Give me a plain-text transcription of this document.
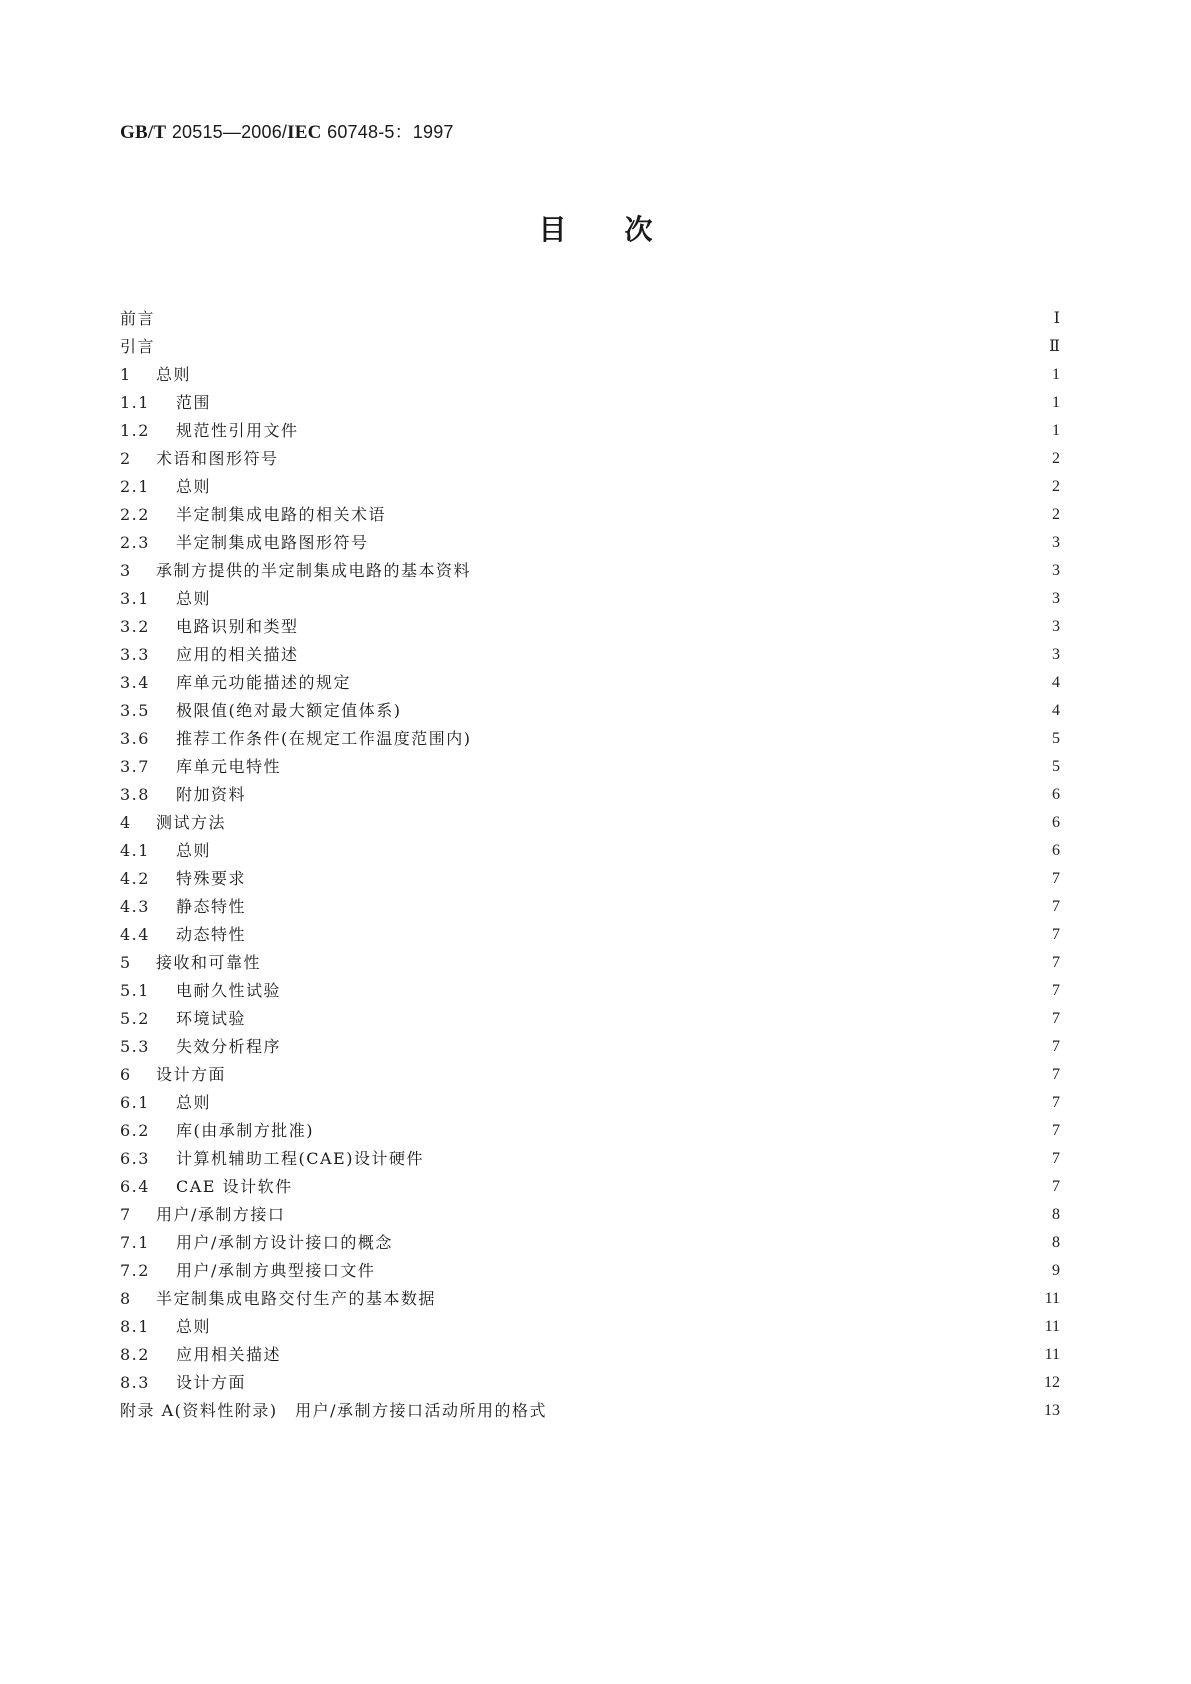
GB/T 20515—2006/IEC 60748-5：1997
目次
前言	Ⅰ
引言	Ⅱ
1	总则	1
1.1	范围	1
1.2	规范性引用文件	1
2	术语和图形符号	2
2.1	总则	2
2.2	半定制集成电路的相关术语	2
2.3	半定制集成电路图形符号	3
3	承制方提供的半定制集成电路的基本资料	3
3.1	总则	3
3.2	电路识别和类型	3
3.3	应用的相关描述	3
3.4	库单元功能描述的规定	4
3.5	极限值(绝对最大额定值体系)	4
3.6	推荐工作条件(在规定工作温度范围内)	5
3.7	库单元电特性	5
3.8	附加资料	6
4	测试方法	6
4.1	总则	6
4.2	特殊要求	7
4.3	静态特性	7
4.4	动态特性	7
5	接收和可靠性	7
5.1	电耐久性试验	7
5.2	环境试验	7
5.3	失效分析程序	7
6	设计方面	7
6.1	总则	7
6.2	库(由承制方批准)	7
6.3	计算机辅助工程(CAE)设计硬件	7
6.4	CAE 设计软件	7
7	用户/承制方接口	8
7.1	用户/承制方设计接口的概念	8
7.2	用户/承制方典型接口文件	9
8	半定制集成电路交付生产的基本数据	11
8.1	总则	11
8.2	应用相关描述	11
8.3	设计方面	12
附录 A(资料性附录)　用户/承制方接口活动所用的格式	13
